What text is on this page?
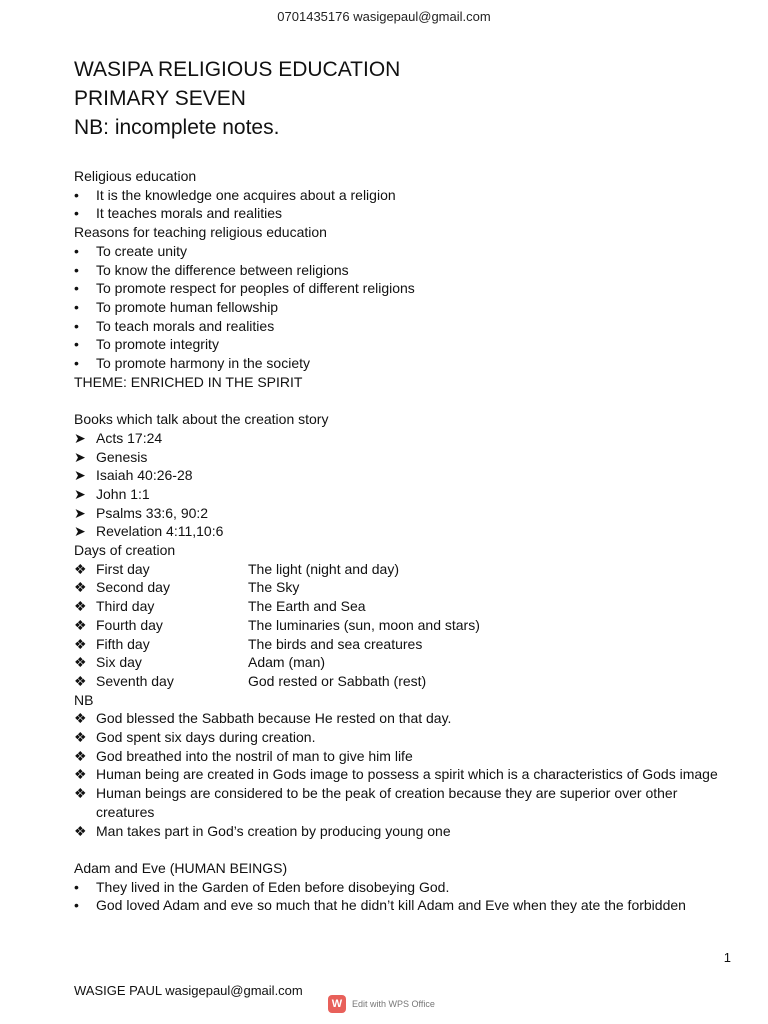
0701435176 wasigepaul@gmail.com
WASIPA RELIGIOUS EDUCATION
PRIMARY SEVEN
NB: incomplete notes.
Religious education
•	It is the knowledge one acquires about a religion
•	It teaches morals and realities
Reasons for teaching religious education
•	To create unity
•	To know the difference between religions
•	To promote respect for peoples of different religions
•	To promote human fellowship
•	To teach morals and realities
•	To promote integrity
•	To promote harmony in the society
THEME: ENRICHED IN THE SPIRIT
Books which talk about the creation story
➤ Acts 17:24
➤ Genesis
➤ Isaiah 40:26-28
➤ John 1:1
➤ Psalms 33:6, 90:2
➤ Revelation 4:11,10:6
Days of creation
❖ First day	The light (night and day)
❖ Second day	The Sky
❖ Third day	The Earth and Sea
❖ Fourth day	The luminaries (sun, moon and stars)
❖ Fifth day	The birds and sea creatures
❖ Six day	Adam (man)
❖ Seventh day	God rested or Sabbath (rest)
NB
❖ God blessed the Sabbath because He rested on that day.
❖ God spent six days during creation.
❖ God breathed into the nostril of man to give him life
❖ Human being are created in Gods image to possess a spirit which is a characteristics of Gods image
❖ Human beings are considered to be the peak of creation because they are superior over other creatures
❖ Man takes part in God’s creation by producing young one
Adam and Eve (HUMAN BEINGS)
•	They lived in the Garden of Eden before disobeying God.
•	God loved Adam and eve so much that he didn’t kill Adam and Eve when they ate the forbidden
1
WASIGE PAUL wasigepaul@gmail.com
W	Edit with WPS Office
